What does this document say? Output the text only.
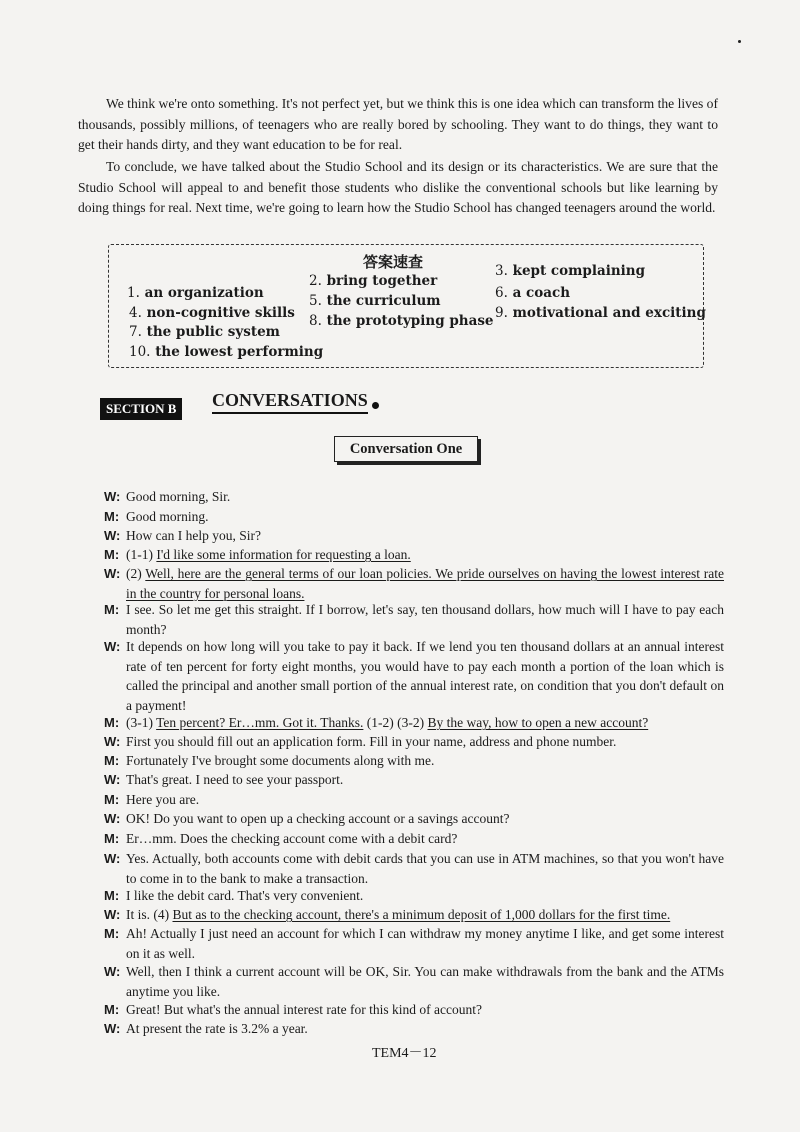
We think we're onto something. It's not perfect yet, but we think this is one idea which can transform the lives of thousands, possibly millions, of teenagers who are really bored by schooling. They want to do things, they want to get their hands dirty, and they want education to be for real.

To conclude, we have talked about the Studio School and its design or its characteristics. We are sure that the Studio School will appeal to and benefit those students who dislike the conventional schools but like learning by doing things for real. Next time, we're going to learn how the Studio School has changed teenagers around the world.

答案速查
1. an organization
2. bring together
3. kept complaining
4. non-cognitive skills
5. the curriculum	6. a coach
7. the public system
8. the prototyping phase 9. motivational and exciting
10. the lowest performing
SECTION B	CONVERSATIONS
Conversation One
W: Good morning, Sir.
M: Good morning.
W: How can I help you, Sir?
M: (1-1) I'd like some information for requesting a loan.
W: (2) Well, here are the general terms of our loan policies. We pride ourselves on having the lowest interest rate in the country for personal loans.
M: I see. So let me get this straight. If I borrow, let's say, ten thousand dollars, how much will I have to pay each month?
W: It depends on how long will you take to pay it back. If we lend you ten thousand dollars at an annual interest rate of ten percent for forty eight months, you would have to pay each month a portion of the loan which is called the principal and another small portion of the annual interest rate, on condition that you don't default on a payment!
M: (3-1) Ten percent? Er…mm. Got it. Thanks. (1-2) (3-2) By the way, how to open a new account?
W: First you should fill out an application form. Fill in your name, address and phone number.
M: Fortunately I've brought some documents along with me.
W: That's great. I need to see your passport.
M: Here you are.
W: OK! Do you want to open up a checking account or a savings account?
M: Er…mm. Does the checking account come with a debit card?
W: Yes. Actually, both accounts come with debit cards that you can use in ATM machines, so that you won't have to come in to the bank to make a transaction.
M: I like the debit card. That's very convenient.
W: It is. (4) But as to the checking account, there's a minimum deposit of 1,000 dollars for the first time.
M: Ah! Actually I just need an account for which I can withdraw my money anytime I like, and get some interest on it as well.
W: Well, then I think a current account will be OK, Sir. You can make withdrawals from the bank and the ATMs anytime you like.
M: Great! But what's the annual interest rate for this kind of account?
W: At present the rate is 3.2% a year.
TEM4－12
